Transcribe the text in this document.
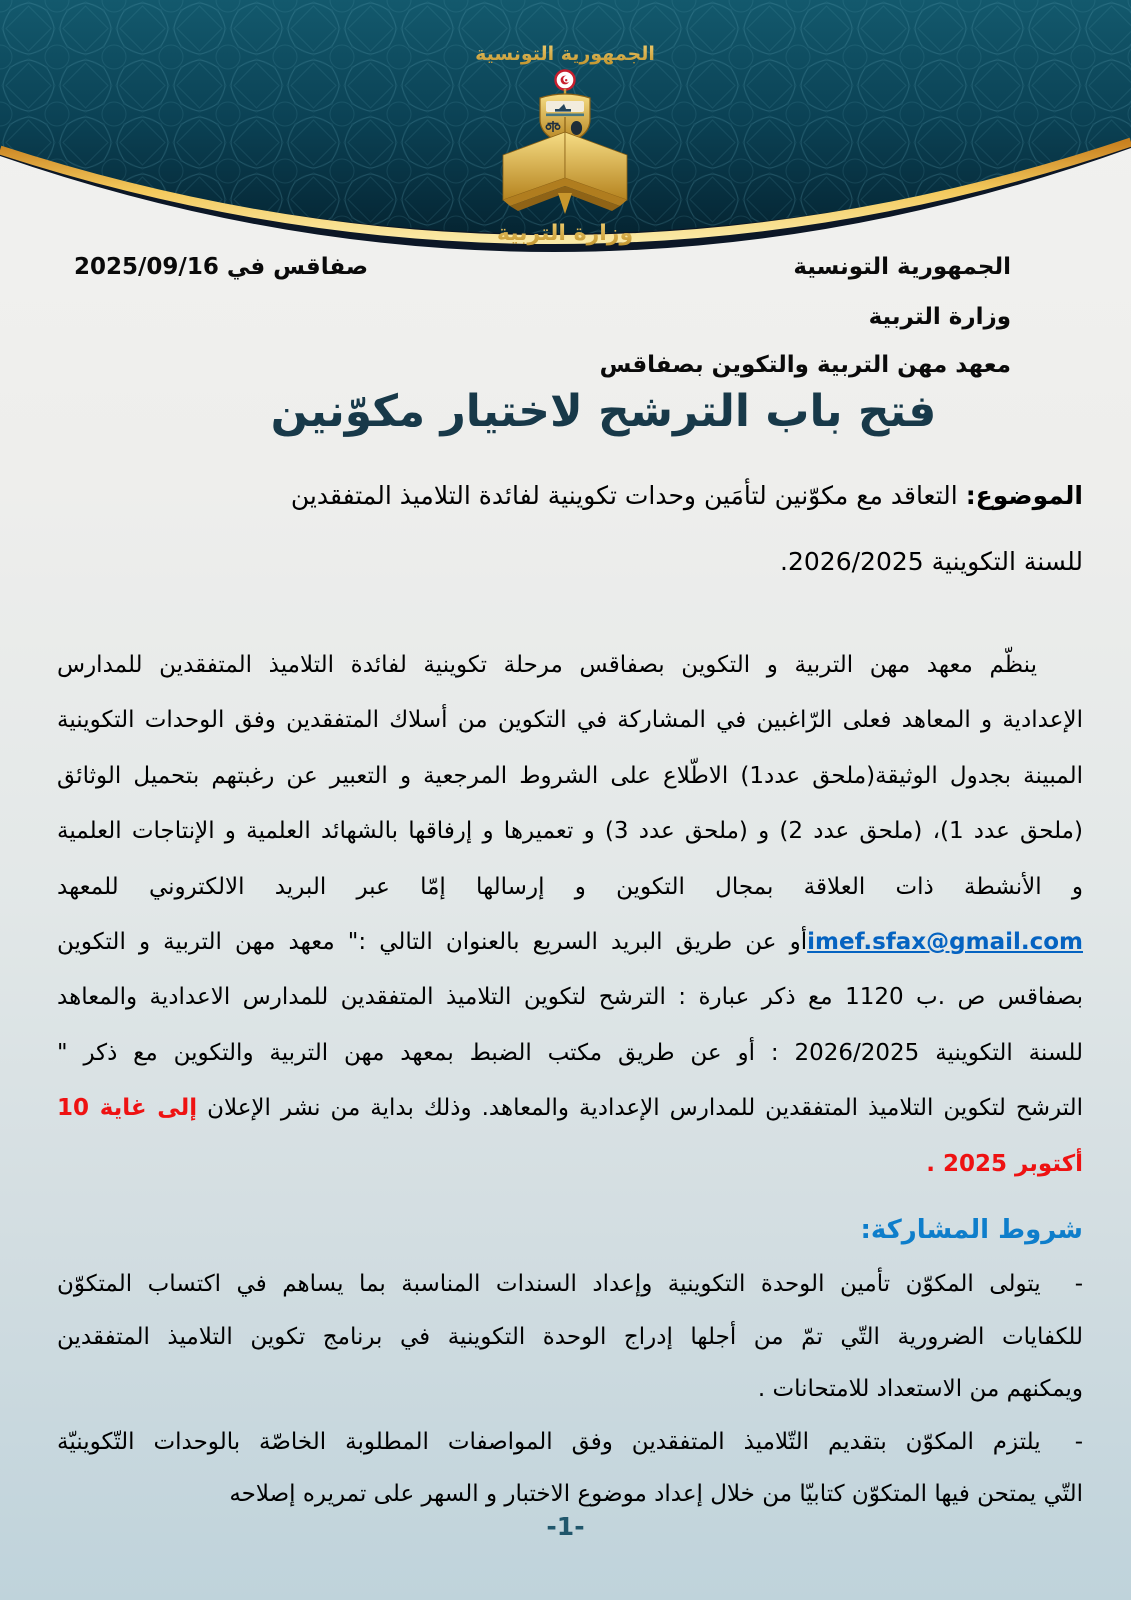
الجمهورية التونسية
وزارة التربية
الجمهورية التونسية
وزارة التربية
معهد مهن التربية والتكوين بصفاقس
صفاقس في 2025/09/16
فتح باب الترشح لاختيار مكوّنين
الموضوع: التعاقد مع مكوّنين لتأمَين وحدات تكوينية لفائدة التلاميذ المتفقدين
للسنة التكوينية 2026/2025.
ينظّم معهد مهن التربية و التكوين بصفاقس مرحلة تكوينية لفائدة التلاميذ المتفقدين للمدارس
الإعدادية و المعاهد فعلى الرّاغبين في المشاركة في التكوين من أسلاك المتفقدين وفق الوحدات التكوينية
المبينة بجدول الوثيقة(ملحق عدد1) الاطّلاع على الشروط المرجعية و التعبير عن رغبتهم بتحميل الوثائق
(ملحق عدد 1)، (ملحق عدد 2) و (ملحق عدد 3) و تعميرها و إرفاقها بالشهائد العلمية و الإنتاجات العلمية
و الأنشطة ذات العلاقة بمجال التكوين و إرسالها إمّا عبر البريد الالكتروني للمعهد
imef.sfax@gmail.comأو عن طريق البريد السريع بالعنوان التالي :" معهد مهن التربية و التكوين
بصفاقس ص .ب 1120 مع ذكر عبارة : الترشح لتكوين التلاميذ المتفقدين للمدارس الاعدادية والمعاهد
للسنة التكوينية 2026/2025 : أو عن طريق مكتب الضبط بمعهد مهن التربية والتكوين مع ذكر "
الترشح لتكوين التلاميذ المتفقدين للمدارس الإعدادية والمعاهد. وذلك بداية من نشر الإعلان إلى غاية 10
أكتوبر 2025 .
شروط المشاركة:
-يتولى المكوّن تأمين الوحدة التكوينية وإعداد السندات المناسبة بما يساهم في اكتساب المتكوّن
للكفايات الضرورية التّي تمّ من أجلها إدراج الوحدة التكوينية في برنامج تكوين التلاميذ المتفقدين
ويمكنهم من الاستعداد للامتحانات .
-يلتزم المكوّن بتقديم التّلاميذ المتفقدين وفق المواصفات المطلوبة الخاصّة بالوحدات التّكوينيّة
التّي يمتحن فيها المتكوّن كتابيّا من خلال إعداد موضوع الاختبار و السهر على تمريره إصلاحه
-1-
